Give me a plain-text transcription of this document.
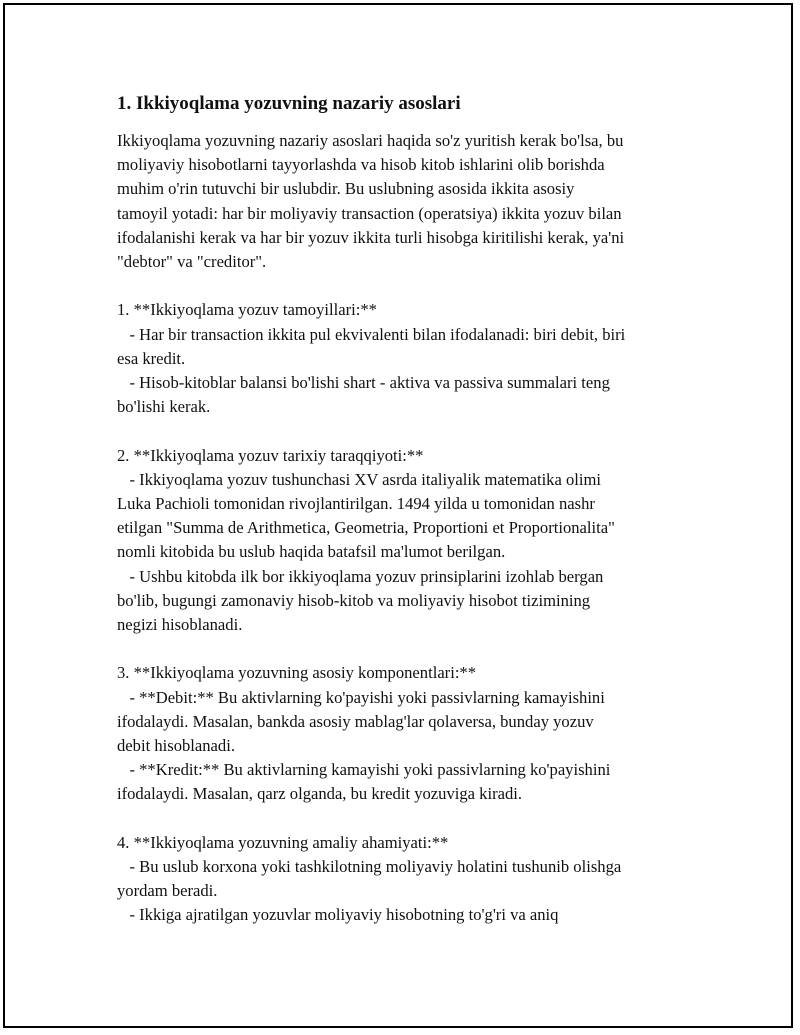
1. Ikkiyoqlama yozuvning nazariy asoslari

Ikkiyoqlama yozuvning nazariy asoslari haqida so'z yuritish kerak bo'lsa, bu

moliyaviy hisobotlarni tayyorlashda va hisob kitob ishlarini olib borishda

muhim o'rin tutuvchi bir uslubdir. Bu uslubning asosida ikkita asosiy

tamoyil yotadi: har bir moliyaviy transaction (operatsiya) ikkita yozuv bilan

ifodalanishi kerak va har bir yozuv ikkita turli hisobga kiritilishi kerak, ya'ni

"debtor" va "creditor".

1. **Ikkiyoqlama yozuv tamoyillari:**

- Har bir transaction ikkita pul ekvivalenti bilan ifodalanadi: biri debit, biri

esa kredit.

- Hisob-kitoblar balansi bo'lishi shart - aktiva va passiva summalari teng

bo'lishi kerak.

2. **Ikkiyoqlama yozuv tarixiy taraqqiyoti:**

- Ikkiyoqlama yozuv tushunchasi XV asrda italiyalik matematika olimi

Luka Pachioli tomonidan rivojlantirilgan. 1494 yilda u tomonidan nashr

etilgan "Summa de Arithmetica, Geometria, Proportioni et Proportionalita"

nomli kitobida bu uslub haqida batafsil ma'lumot berilgan.

- Ushbu kitobda ilk bor ikkiyoqlama yozuv prinsiplarini izohlab bergan

bo'lib, bugungi zamonaviy hisob-kitob va moliyaviy hisobot tizimining

negizi hisoblanadi.

3. **Ikkiyoqlama yozuvning asosiy komponentlari:**

- **Debit:** Bu aktivlarning ko'payishi yoki passivlarning kamayishini

ifodalaydi. Masalan, bankda asosiy mablag'lar qolaversa, bunday yozuv

debit hisoblanadi.

- **Kredit:** Bu aktivlarning kamayishi yoki passivlarning ko'payishini

ifodalaydi. Masalan, qarz olganda, bu kredit yozuviga kiradi.

4. **Ikkiyoqlama yozuvning amaliy ahamiyati:**

- Bu uslub korxona yoki tashkilotning moliyaviy holatini tushunib olishga

yordam beradi.

- Ikkiga ajratilgan yozuvlar moliyaviy hisobotning to'g'ri va aniq
